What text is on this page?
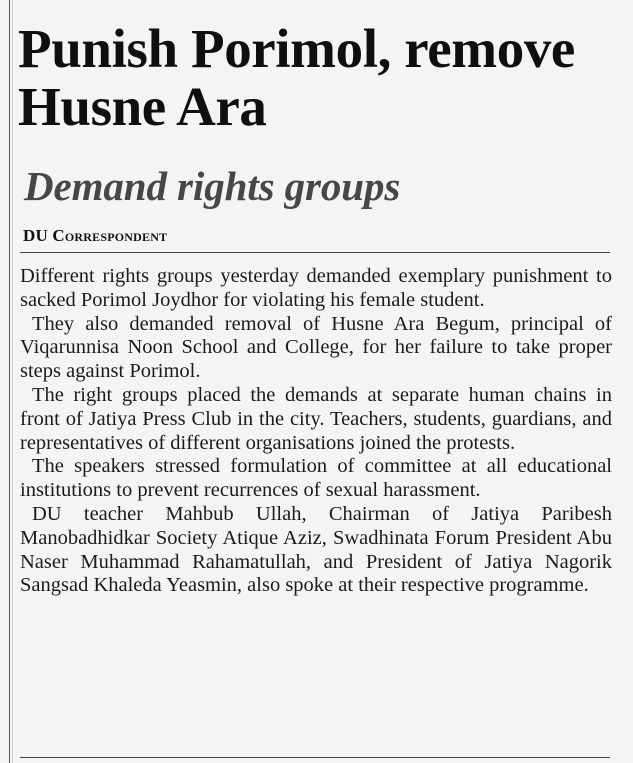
Punish Porimol, remove Husne Ara
Demand rights groups
DU Correspondent

Different rights groups yesterday demanded exemplary punishment to sacked Porimol Joydhor for violating his female student.

They also demanded removal of Husne Ara Begum, principal of Viqarunnisa Noon School and College, for her failure to take proper steps against Porimol.

The right groups placed the demands at separate human chains in front of Jatiya Press Club in the city. Teachers, students, guardians, and representatives of different organisations joined the protests.

The speakers stressed formulation of committee at all educational institutions to prevent recurrences of sexual harassment.

DU teacher Mahbub Ullah, Chairman of Jatiya Paribesh Manobadhidkar Society Atique Aziz, Swadhinata Forum President Abu Naser Muhammad Rahamatullah, and President of Jatiya Nagorik Sangsad Khaleda Yeasmin, also spoke at their respective programme.
